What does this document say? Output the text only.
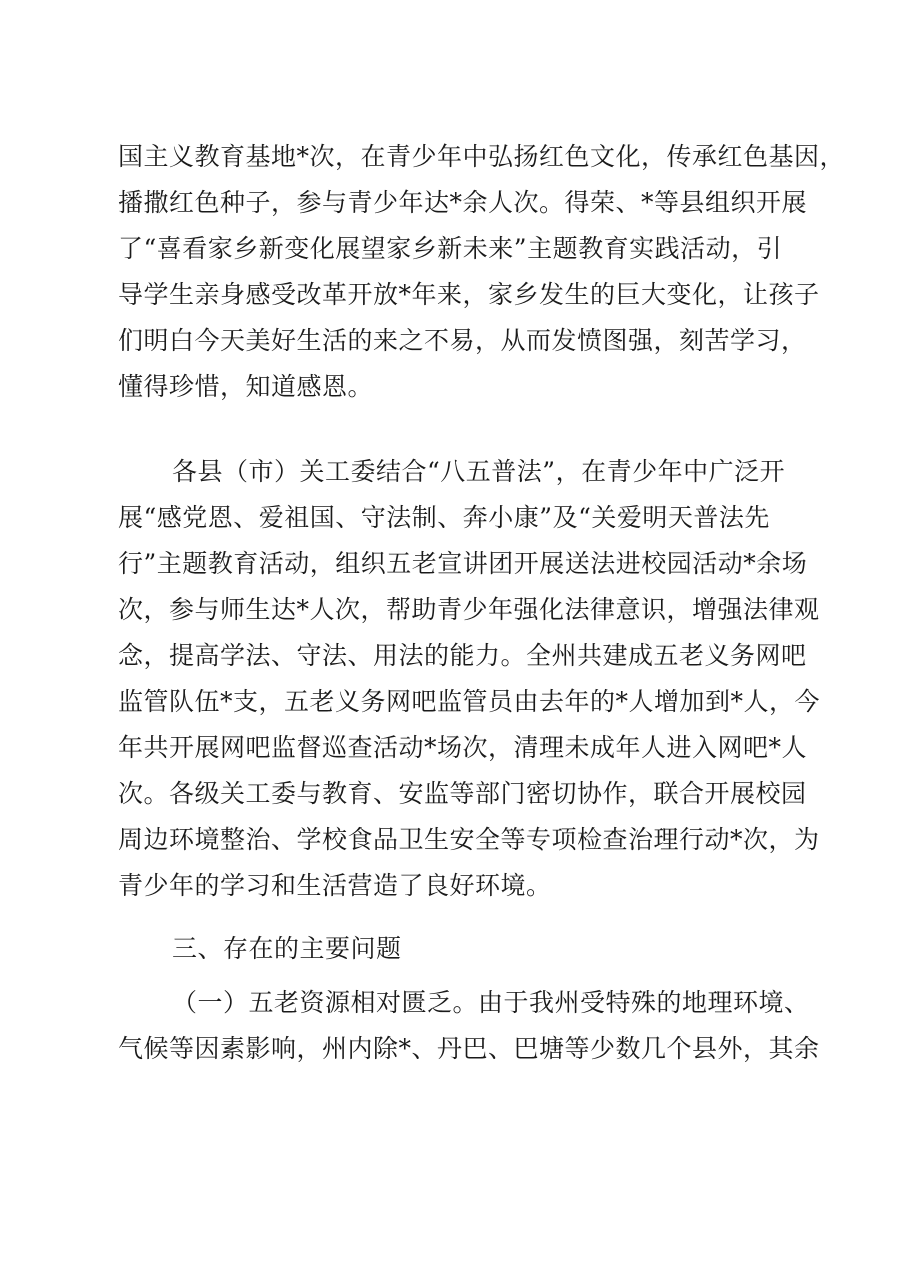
国主义教育基地*次，在青少年中弘扬红色文化，传承红色基因，
播撒红色种子，参与青少年达*余人次。得荣、*等县组织开展
了“喜看家乡新变化展望家乡新未来”主题教育实践活动，引
导学生亲身感受改革开放*年来，家乡发生的巨大变化，让孩子
们明白今天美好生活的来之不易，从而发愤图强，刻苦学习，
懂得珍惜，知道感恩。
各县（市）关工委结合“八五普法”，在青少年中广泛开
展“感党恩、爱祖国、守法制、奔小康”及“关爱明天普法先
行”主题教育活动，组织五老宣讲团开展送法进校园活动*余场
次，参与师生达*人次，帮助青少年强化法律意识，增强法律观
念，提高学法、守法、用法的能力。全州共建成五老义务网吧
监管队伍*支，五老义务网吧监管员由去年的*人增加到*人，今
年共开展网吧监督巡查活动*场次，清理未成年人进入网吧*人
次。各级关工委与教育、安监等部门密切协作，联合开展校园
周边环境整治、学校食品卫生安全等专项检查治理行动*次，为
青少年的学习和生活营造了良好环境。
三、存在的主要问题
（一）五老资源相对匮乏。由于我州受特殊的地理环境、
气候等因素影响，州内除*、丹巴、巴塘等少数几个县外，其余
